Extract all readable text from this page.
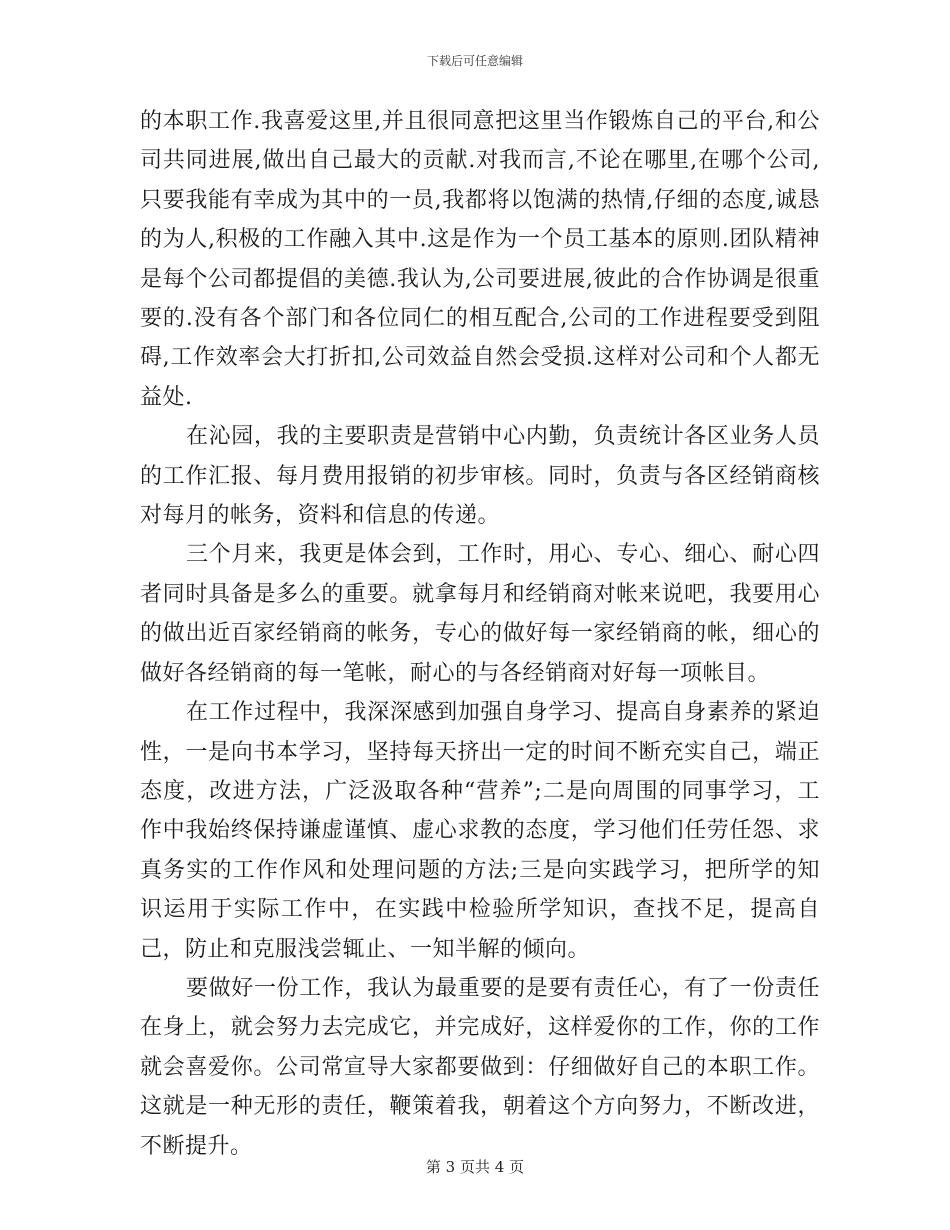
下载后可任意编辑

的本职工作.我喜爱这里,并且很同意把这里当作锻炼自己的平台,和公司共同进展,做出自己最大的贡献.对我而言,不论在哪里,在哪个公司,只要我能有幸成为其中的一员,我都将以饱满的热情,仔细的态度,诚恳的为人,积极的工作融入其中.这是作为一个员工基本的原则.团队精神是每个公司都提倡的美德.我认为,公司要进展,彼此的合作协调是很重要的.没有各个部门和各位同仁的相互配合,公司的工作进程要受到阻碍,工作效率会大打折扣,公司效益自然会受损.这样对公司和个人都无益处.

在沁园，我的主要职责是营销中心内勤，负责统计各区业务人员的工作汇报、每月费用报销的初步审核。同时，负责与各区经销商核对每月的帐务，资料和信息的传递。

三个月来，我更是体会到，工作时，用心、专心、细心、耐心四者同时具备是多么的重要。就拿每月和经销商对帐来说吧，我要用心的做出近百家经销商的帐务，专心的做好每一家经销商的帐，细心的做好各经销商的每一笔帐，耐心的与各经销商对好每一项帐目。

在工作过程中，我深深感到加强自身学习、提高自身素养的紧迫性，一是向书本学习，坚持每天挤出一定的时间不断充实自己，端正态度，改进方法，广泛汲取各种“营养”;二是向周围的同事学习，工作中我始终保持谦虚谨慎、虚心求教的态度，学习他们任劳任怨、求真务实的工作作风和处理问题的方法;三是向实践学习，把所学的知识运用于实际工作中，在实践中检验所学知识，查找不足，提高自己，防止和克服浅尝辄止、一知半解的倾向。

要做好一份工作，我认为最重要的是要有责任心，有了一份责任在身上，就会努力去完成它，并完成好，这样爱你的工作，你的工作就会喜爱你。公司常宣导大家都要做到：仔细做好自己的本职工作。这就是一种无形的责任，鞭策着我，朝着这个方向努力，不断改进，不断提升。

第 3 页共 4 页
